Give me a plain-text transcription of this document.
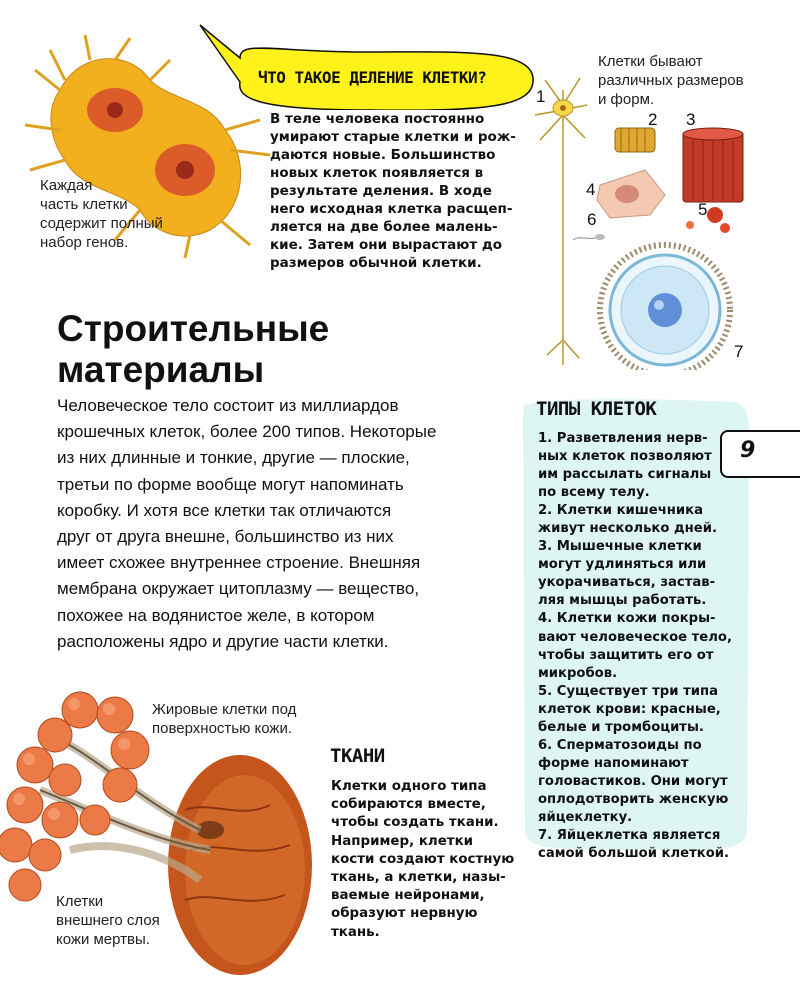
Каждая
часть клетки
содержит полный
набор генов.
ЧТО ТАКОЕ ДЕЛЕНИЕ КЛЕТКИ?
В теле человека постоянно
умирают старые клетки и рож-
даются новые. Большинство
новых клеток появляется в
результате деления. В ходе
него исходная клетка расщеп-
ляется на две более малень-
кие. Затем они вырастают до
размеров обычной клетки.
Клетки бывают
различных размеров
и форм.
1
2 3
4
5
6
7
Строительные
материалы
Человеческое тело состоит из миллиардов
крошечных клеток, более 200 типов. Некоторые
из них длинные и тонкие, другие — плоские,
третьи по форме вообще могут напоминать
коробку. И хотя все клетки так отличаются
друг от друга внешне, большинство из них
имеет схожее внутреннее строение. Внешняя
мембрана окружает цитоплазму — вещество,
похожее на водянистое желе, в котором
расположены ядро и другие части клетки.
ТИПЫ КЛЕТОК
1. Разветвления нерв-
ных клеток позволяют
им рассылать сигналы
по всему телу.
2. Клетки кишечника
живут несколько дней.
3. Мышечные клетки
могут удлиняться или
укорачиваться, застав-
ляя мышцы работать.
4. Клетки кожи покры-
вают человеческое тело,
чтобы защитить его от
микробов.
5. Существует три типа
клеток крови: красные,
белые и тромбоциты.
6. Сперматозоиды по
форме напоминают
головастиков. Они могут
оплодотворить женскую
яйцеклетку.
7. Яйцеклетка является
самой большой клеткой.
9
Жировые клетки под
поверхностью кожи.
Клетки
внешнего слоя
кожи мертвы.
ТКАНИ
Клетки одного типа
собираются вместе,
чтобы создать ткани.
Например, клетки
кости создают костную
ткань, а клетки, назы-
ваемые нейронами,
образуют нервную
ткань.
